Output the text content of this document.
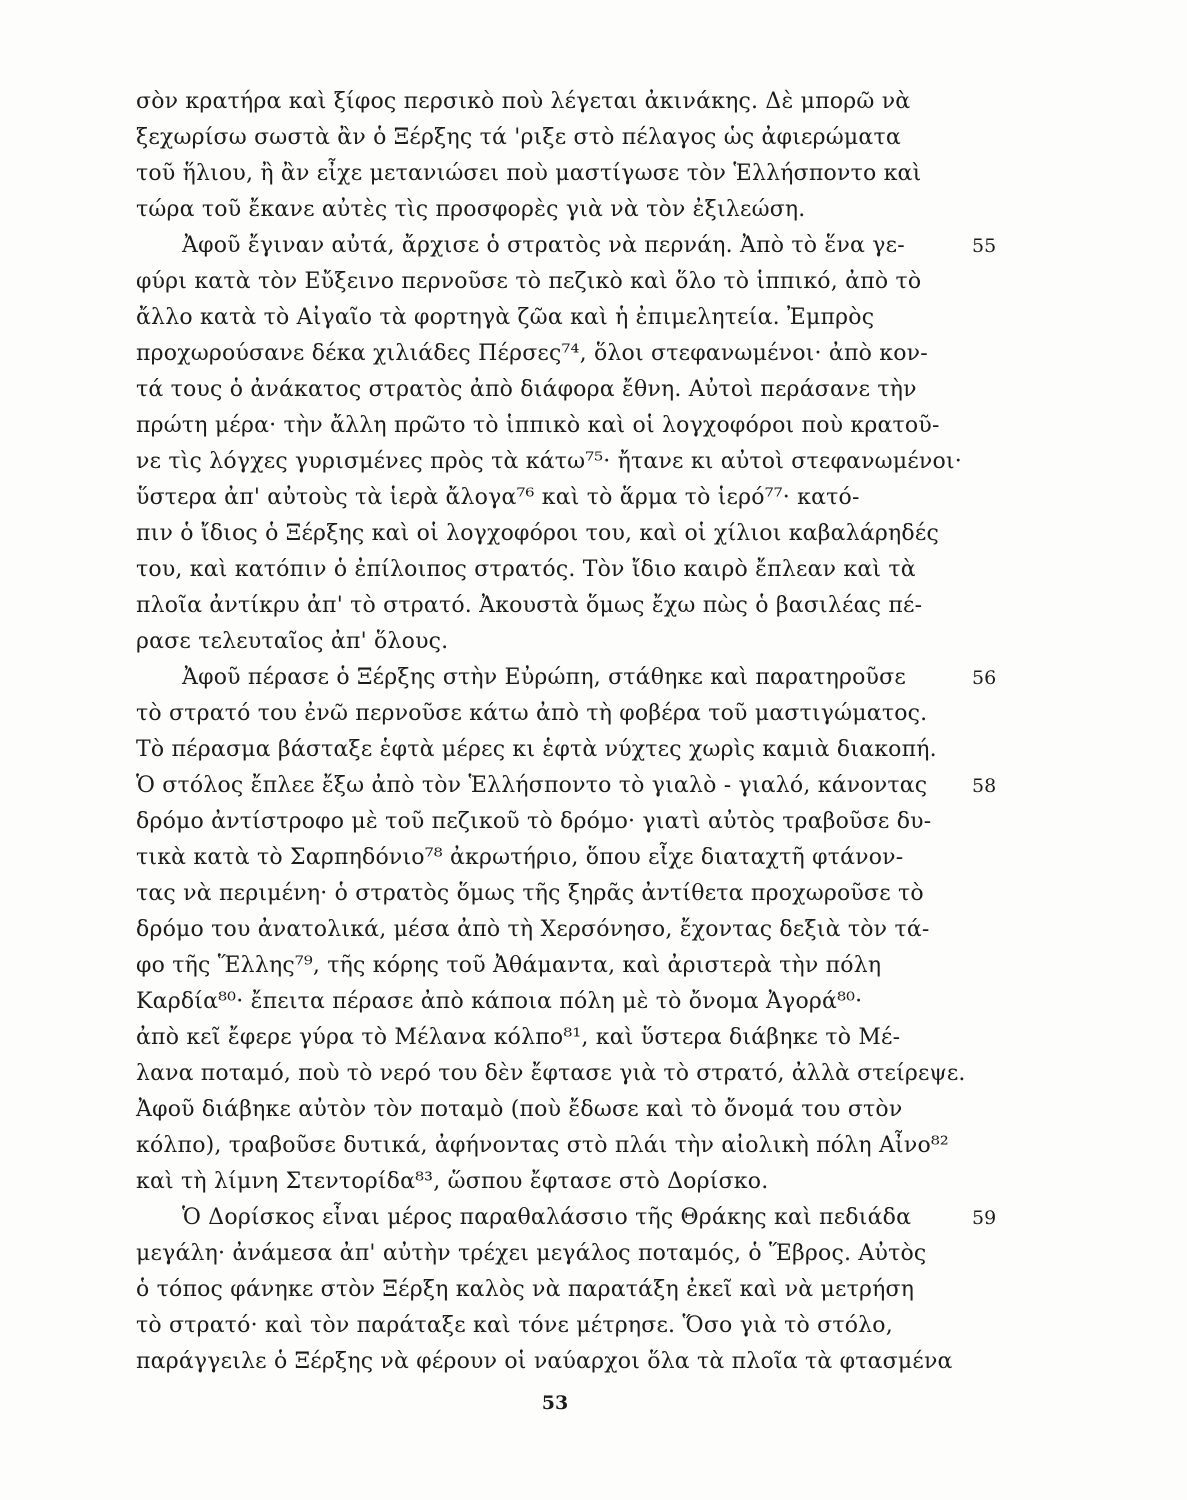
σὸν κρατήρα καὶ ξίφος περσικὸ ποὺ λέγεται ἀκινάκης. Δὲ μπορῶ νὰ
ξεχωρίσω σωστὰ ἂν ὁ Ξέρξης τά 'ριξε στὸ πέλαγος ὡς ἀφιερώματα
τοῦ ἥλιου, ἢ ἂν εἶχε μετανιώσει ποὺ μαστίγωσε τὸν Ἑλλήσποντο καὶ
τώρα τοῦ ἔκανε αὐτὲς τὶς προσφορὲς γιὰ νὰ τὸν ἐξιλεώση.
Ἀφοῦ ἔγιναν αὐτά, ἄρχισε ὁ στρατὸς νὰ περνάη. Ἀπὸ τὸ ἕνα γε-
φύρι κατὰ τὸν Εὔξεινο περνοῦσε τὸ πεζικὸ καὶ ὅλο τὸ ἱππικό, ἀπὸ τὸ
ἄλλο κατὰ τὸ Αἰγαῖο τὰ φορτηγὰ ζῶα καὶ ἡ ἐπιμελητεία. Ἐμπρὸς
προχωρούσανε δέκα χιλιάδες Πέρσες⁷⁴, ὅλοι στεφανωμένοι· ἀπὸ κον-
τά τους ὁ ἀνάκατος στρατὸς ἀπὸ διάφορα ἔθνη. Αὐτοὶ περάσανε τὴν
πρώτη μέρα· τὴν ἄλλη πρῶτο τὸ ἱππικὸ καὶ οἱ λογχοφόροι ποὺ κρατοῦ-
νε τὶς λόγχες γυρισμένες πρὸς τὰ κάτω⁷⁵· ἤτανε κι αὐτοὶ στεφανωμένοι·
ὕστερα ἀπ' αὐτοὺς τὰ ἱερὰ ἄλογα⁷⁶ καὶ τὸ ἅρμα τὸ ἱερό⁷⁷· κατό-
πιν ὁ ἴδιος ὁ Ξέρξης καὶ οἱ λογχοφόροι του, καὶ οἱ χίλιοι καβαλάρηδές
του, καὶ κατόπιν ὁ ἐπίλοιπος στρατός. Τὸν ἴδιο καιρὸ ἔπλεαν καὶ τὰ
πλοῖα ἀντίκρυ ἀπ' τὸ στρατό. Ἀκουστὰ ὅμως ἔχω πὼς ὁ βασιλέας πέ-
ρασε τελευταῖος ἀπ' ὅλους.
Ἀφοῦ πέρασε ὁ Ξέρξης στὴν Εὐρώπη, στάθηκε καὶ παρατηροῦσε
τὸ στρατό του ἐνῶ περνοῦσε κάτω ἀπὸ τὴ φοβέρα τοῦ μαστιγώματος.
Τὸ πέρασμα βάσταξε ἑφτὰ μέρες κι ἑφτὰ νύχτες χωρὶς καμιὰ διακοπή.
Ὁ στόλος ἔπλεε ἔξω ἀπὸ τὸν Ἑλλήσποντο τὸ γιαλὸ - γιαλό, κάνοντας
δρόμο ἀντίστροφο μὲ τοῦ πεζικοῦ τὸ δρόμο· γιατὶ αὐτὸς τραβοῦσε δυ-
τικὰ κατὰ τὸ Σαρπηδόνιο⁷⁸ ἀκρωτήριο, ὅπου εἶχε διαταχτῆ φτάνον-
τας νὰ περιμένη· ὁ στρατὸς ὅμως τῆς ξηρᾶς ἀντίθετα προχωροῦσε τὸ
δρόμο του ἀνατολικά, μέσα ἀπὸ τὴ Χερσόνησο, ἔχοντας δεξιὰ τὸν τά-
φο τῆς Ἕλλης⁷⁹, τῆς κόρης τοῦ Ἀθάμαντα, καὶ ἀριστερὰ τὴν πόλη
Καρδία⁸⁰· ἔπειτα πέρασε ἀπὸ κάποια πόλη μὲ τὸ ὄνομα Ἀγορά⁸⁰·
ἀπὸ κεῖ ἔφερε γύρα τὸ Μέλανα κόλπο⁸¹, καὶ ὕστερα διάβηκε τὸ Μέ-
λανα ποταμό, ποὺ τὸ νερό του δὲν ἔφτασε γιὰ τὸ στρατό, ἀλλὰ στείρεψε.
Ἀφοῦ διάβηκε αὐτὸν τὸν ποταμὸ (ποὺ ἔδωσε καὶ τὸ ὄνομά του στὸν
κόλπο), τραβοῦσε δυτικά, ἀφήνοντας στὸ πλάι τὴν αἰολικὴ πόλη Αἶνο⁸²
καὶ τὴ λίμνη Στεντορίδα⁸³, ὥσπου ἔφτασε στὸ Δορίσκο.
Ὁ Δορίσκος εἶναι μέρος παραθαλάσσιο τῆς Θράκης καὶ πεδιάδα
μεγάλη· ἀνάμεσα ἀπ' αὐτὴν τρέχει μεγάλος ποταμός, ὁ Ἕβρος. Αὐτὸς
ὁ τόπος φάνηκε στὸν Ξέρξη καλὸς νὰ παρατάξη ἐκεῖ καὶ νὰ μετρήση
τὸ στρατό· καὶ τὸν παράταξε καὶ τόνε μέτρησε. Ὅσο γιὰ τὸ στόλο,
παράγγειλε ὁ Ξέρξης νὰ φέρουν οἱ ναύαρχοι ὅλα τὰ πλοῖα τὰ φτασμένα
55
56
58
59
53
